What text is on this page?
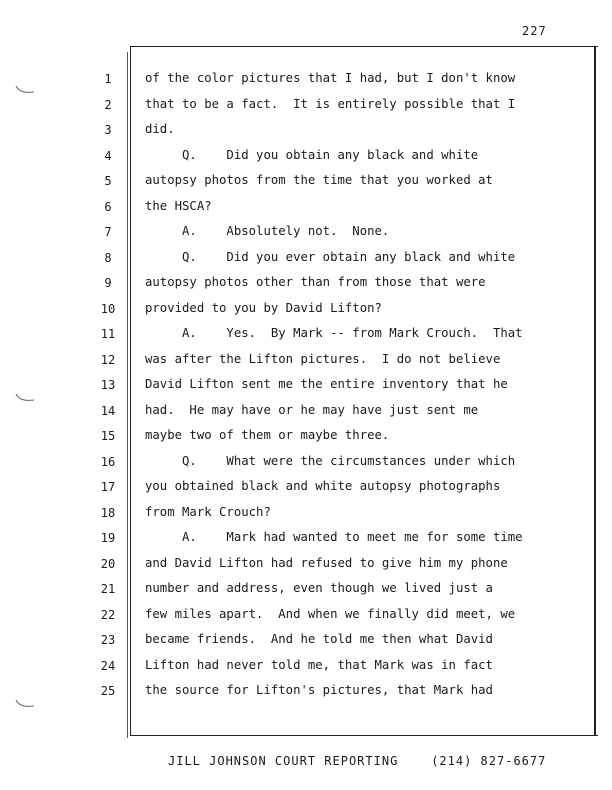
227
1	of the color pictures that I had, but I don't know
2	that to be a fact.  It is entirely possible that I
3	did.
4	Q.    Did you obtain any black and white
5	autopsy photos from the time that you worked at
6	the HSCA?
7	A.    Absolutely not.  None.
8	Q.    Did you ever obtain any black and white
9	autopsy photos other than from those that were
10	provided to you by David Lifton?
11	A.    Yes.  By Mark -- from Mark Crouch.  That
12	was after the Lifton pictures.  I do not believe
13	David Lifton sent me the entire inventory that he
14	had.  He may have or he may have just sent me
15	maybe two of them or maybe three.
16	Q.    What were the circumstances under which
17	you obtained black and white autopsy photographs
18	from Mark Crouch?
19	A.    Mark had wanted to meet me for some time
20	and David Lifton had refused to give him my phone
21	number and address, even though we lived just a
22	few miles apart.  And when we finally did meet, we
23	became friends.  And he told me then what David
24	Lifton had never told me, that Mark was in fact
25	the source for Lifton's pictures, that Mark had
JILL JOHNSON COURT REPORTING	(214) 827-6677
